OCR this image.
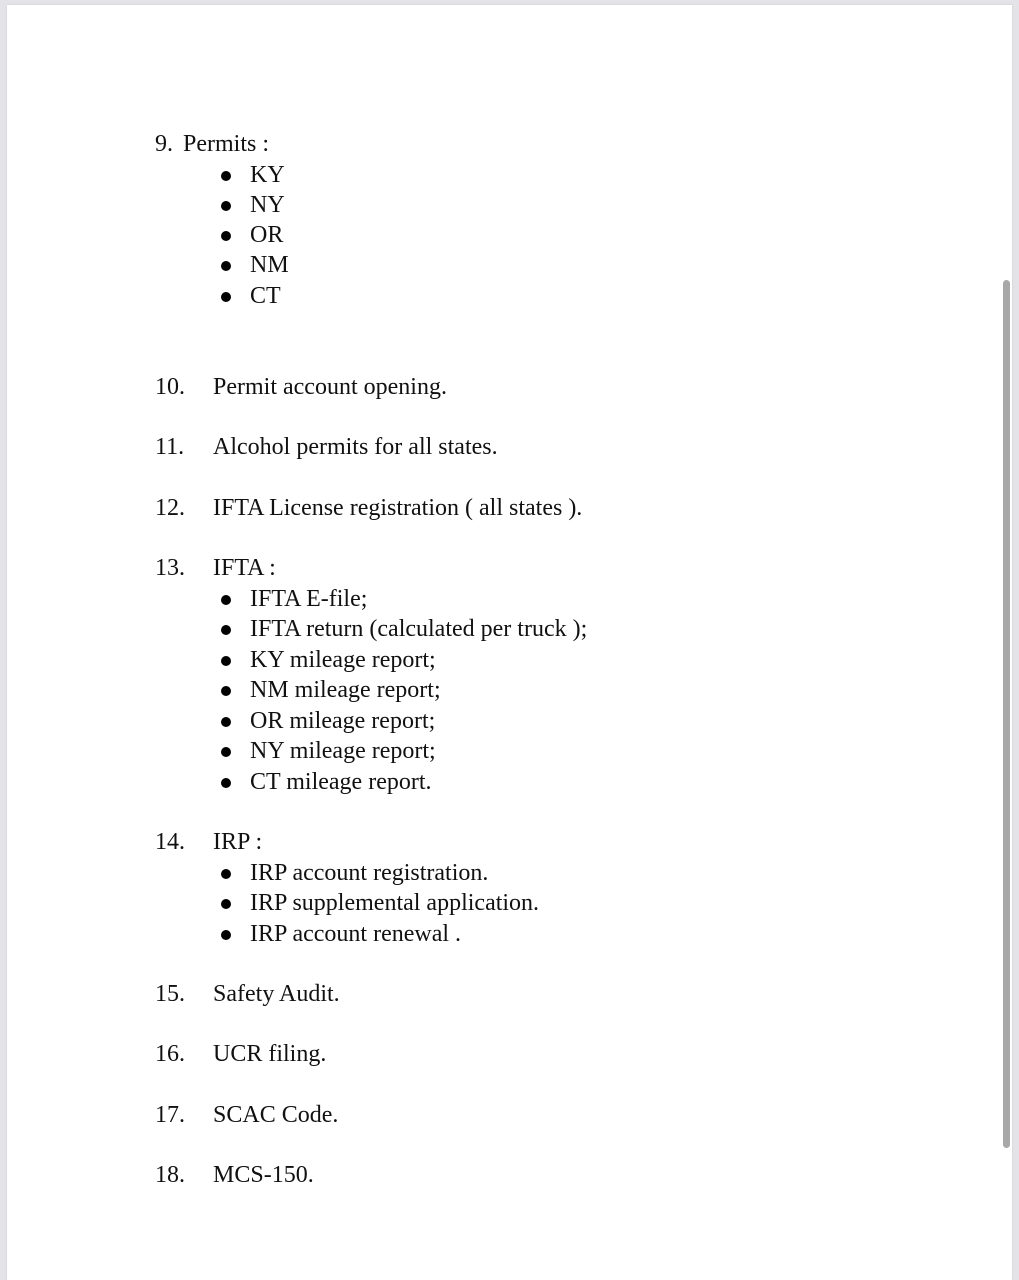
9. Permits :
KY
NY
OR
NM
CT
10. Permit account opening.
11. Alcohol permits for all states.
12. IFTA License registration ( all states ).
13. IFTA :
IFTA E-file;
IFTA return (calculated per truck );
KY mileage report;
NM mileage report;
OR mileage report;
NY mileage report;
CT mileage report.
14. IRP :
IRP account registration.
IRP supplemental application.
IRP account renewal .
15. Safety Audit.
16. UCR filing.
17. SCAC Code.
18. MCS-150.
